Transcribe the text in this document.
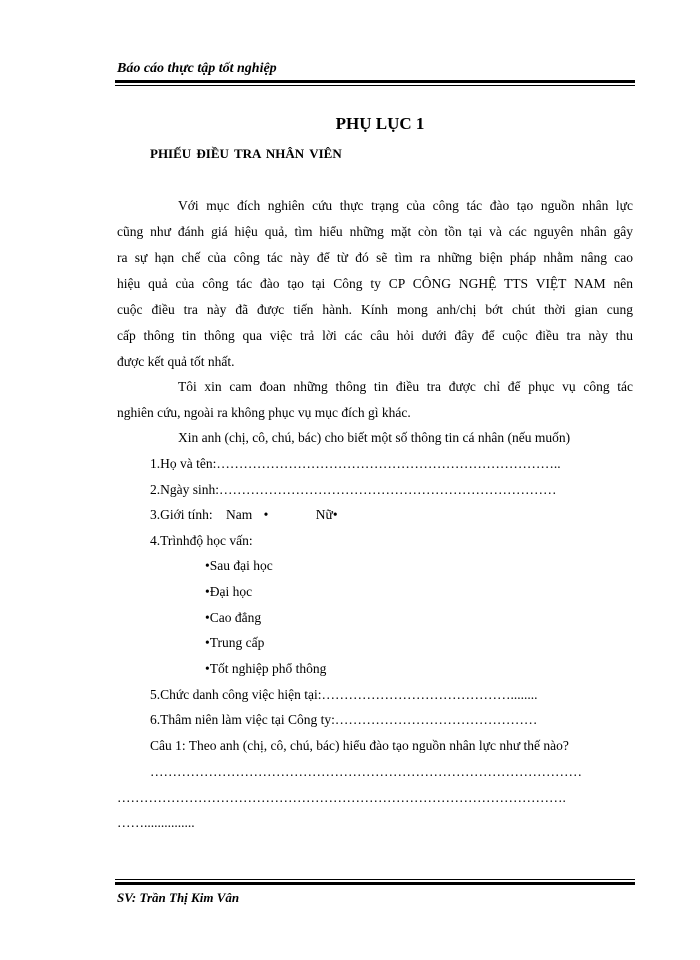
Báo cáo thực tập tốt nghiệp
PHỤ LỤC 1
PHIẾU ĐIỀU TRA NHÂN VIÊN
Với mục đích nghiên cứu thực trạng của công tác đào tạo nguồn nhân lực
cũng như đánh giá hiệu quả, tìm hiểu những mặt còn tồn tại và các nguyên nhân gây
ra sự hạn chế của công tác này để từ đó sẽ tìm ra những biện pháp nhằm nâng cao
hiệu quả của công tác đào tạo tại Công ty CP CÔNG NGHỆ TTS VIỆT NAM nên
cuộc điều tra này đã được tiến hành. Kính mong anh/chị bớt chút thời gian cung
cấp thông tin thông qua việc trả lời các câu hỏi dưới đây để cuộc điều tra này thu
được kết quả tốt nhất.
Tôi xin cam đoan những thông tin điều tra được chỉ để phục vụ công tác
nghiên cứu, ngoài ra không phục vụ mục đích gì khác.
Xin anh (chị, cô, chú, bác) cho biết một số thông tin cá nhân (nếu muốn)
1.Họ và tên:…………………………………………………………………..
2.Ngày sinh:…………………………………………………………………
3.Giới tính: Nam •	Nữ•
4.Trìnhđộ học vấn:
• Sau đại học
• Đại học
• Cao đẳng
• Trung cấp
• Tốt nghiệp phổ thông
5.Chức danh công việc hiện tại:……………………………………........
6.Thâm niên làm việc tại Công ty:………………………………………
Câu 1: Theo anh (chị, cô, chú, bác) hiểu đào tạo nguồn nhân lực như thế nào?
……………………………………………………………………………………
……………………………………………………………………………………….
……...............
SV: Trần Thị Kim Vân
